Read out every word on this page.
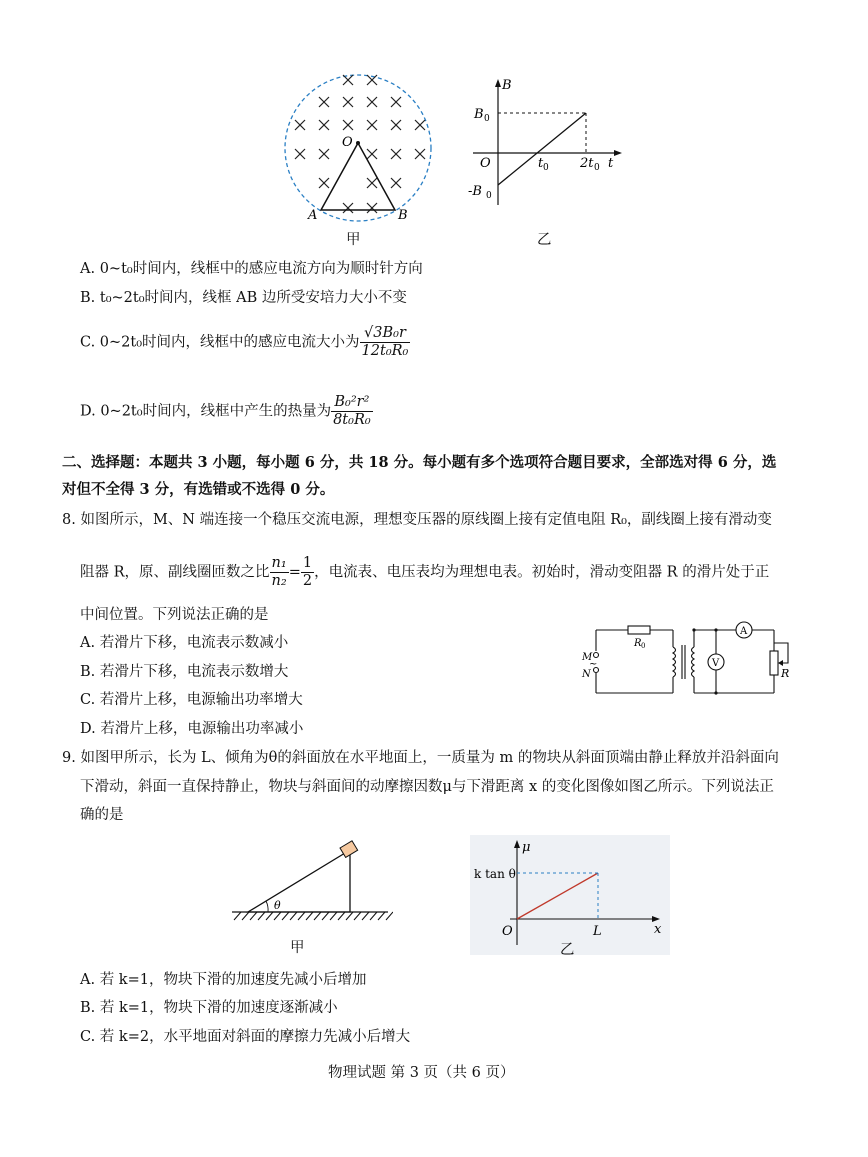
O
A	B
甲
B
t
O
B 0
-B 0
t 0 2t 0
乙
A. 0~t₀时间内，线框中的感应电流方向为顺时针方向
B. t₀~2t₀时间内，线框 AB 边所受安培力大小不变
C. 0~2t₀时间内，线框中的感应电流大小为 $\frac{\text{√3B₀r}}{\text{12t₀R₀}}$
D. 0~2t₀时间内，线框中产生的热量为 $\frac{\text{B₀²r²}}{\text{8t₀R₀}}$
二、选择题：本题共 3 小题，每小题 6 分，共 18 分。每小题有多个选项符合题目要求，全部选对得 6 分，选
对但不全得 3 分，有选错或不选得 0 分。
8. 如图所示，M、N 端连接一个稳压交流电源，理想变压器的原线圈上接有定值电阻 R₀，副线圈上接有滑动变
阻器 R，原、副线圈匝数之比 $\frac{\text{n₁}}{\text{n₂}} = \frac{1}{2}$ ，电流表、电压表均为理想电表。初始时，滑动变阻器 R 的滑片处于正
中间位置。下列说法正确的是
A. 若滑片下移，电流表示数减小
B. 若滑片下移，电流表示数增大
C. 若滑片上移，电源输出功率增大
D. 若滑片上移，电源输出功率减小
M
N
~
R 0
A
V
R
9. 如图甲所示，长为 L、倾角为θ的斜面放在水平地面上，一质量为 m 的物块从斜面顶端由静止释放并沿斜面向
下滑动，斜面一直保持静止，物块与斜面间的动摩擦因数μ与下滑距离 x 的变化图像如图乙所示。下列说法正
确的是
θ
甲
μ
x
O
k tan θ
L
乙
A. 若 k=1，物块下滑的加速度先减小后增加
B. 若 k=1，物块下滑的加速度逐渐减小
C. 若 k=2，水平地面对斜面的摩擦力先减小后增大
物理试题 第 3 页（共 6 页）
